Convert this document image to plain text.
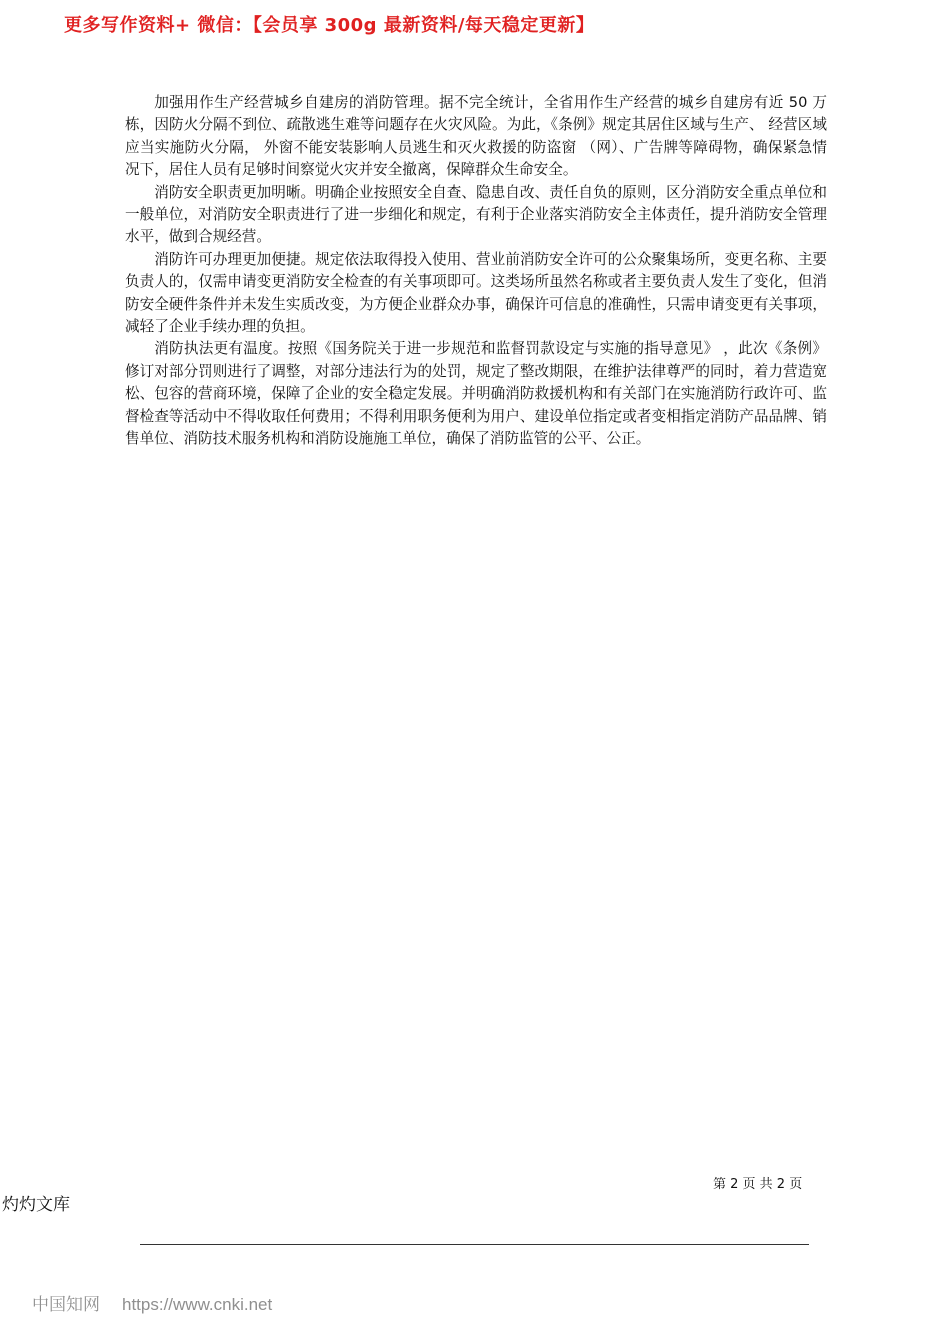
更多写作资料+ 微信：【会员享 300g 最新资料/每天稳定更新】

加强用作生产经营城乡自建房的消防管理。据不完全统计，全省用作生产经营的城乡自建房有近 50 万栋，因防火分隔不到位、疏散逃生难等问题存在火灾风险。为此，《条例》规定其居住区域与生产、 经营区域应当实施防火分隔， 外窗不能安装影响人员逃生和灭火救援的防盗窗 （网）、广告牌等障碍物，确保紧急情况下，居住人员有足够时间察觉火灾并安全撤离，保障群众生命安全。

消防安全职责更加明晰。明确企业按照安全自查、隐患自改、责任自负的原则，区分消防安全重点单位和一般单位，对消防安全职责进行了进一步细化和规定，有利于企业落实消防安全主体责任，提升消防安全管理水平，做到合规经营。

消防许可办理更加便捷。规定依法取得投入使用、营业前消防安全许可的公众聚集场所，变更名称、主要负责人的，仅需申请变更消防安全检查的有关事项即可。这类场所虽然名称或者主要负责人发生了变化，但消防安全硬件条件并未发生实质改变，为方便企业群众办事，确保许可信息的准确性，只需申请变更有关事项，减轻了企业手续办理的负担。

消防执法更有温度。按照《国务院关于进一步规范和监督罚款设定与实施的指导意见》 ，此次《条例》修订对部分罚则进行了调整，对部分违法行为的处罚，规定了整改期限，在维护法律尊严的同时，着力营造宽松、包容的营商环境，保障了企业的安全稳定发展。并明确消防救援机构和有关部门在实施消防行政许可、监督检查等活动中不得收取任何费用；不得利用职务便利为用户、建设单位指定或者变相指定消防产品品牌、销售单位、消防技术服务机构和消防设施施工单位，确保了消防监管的公平、公正。

第 2 页 共 2 页
灼灼文库
中国知网 https://www.cnki.net
